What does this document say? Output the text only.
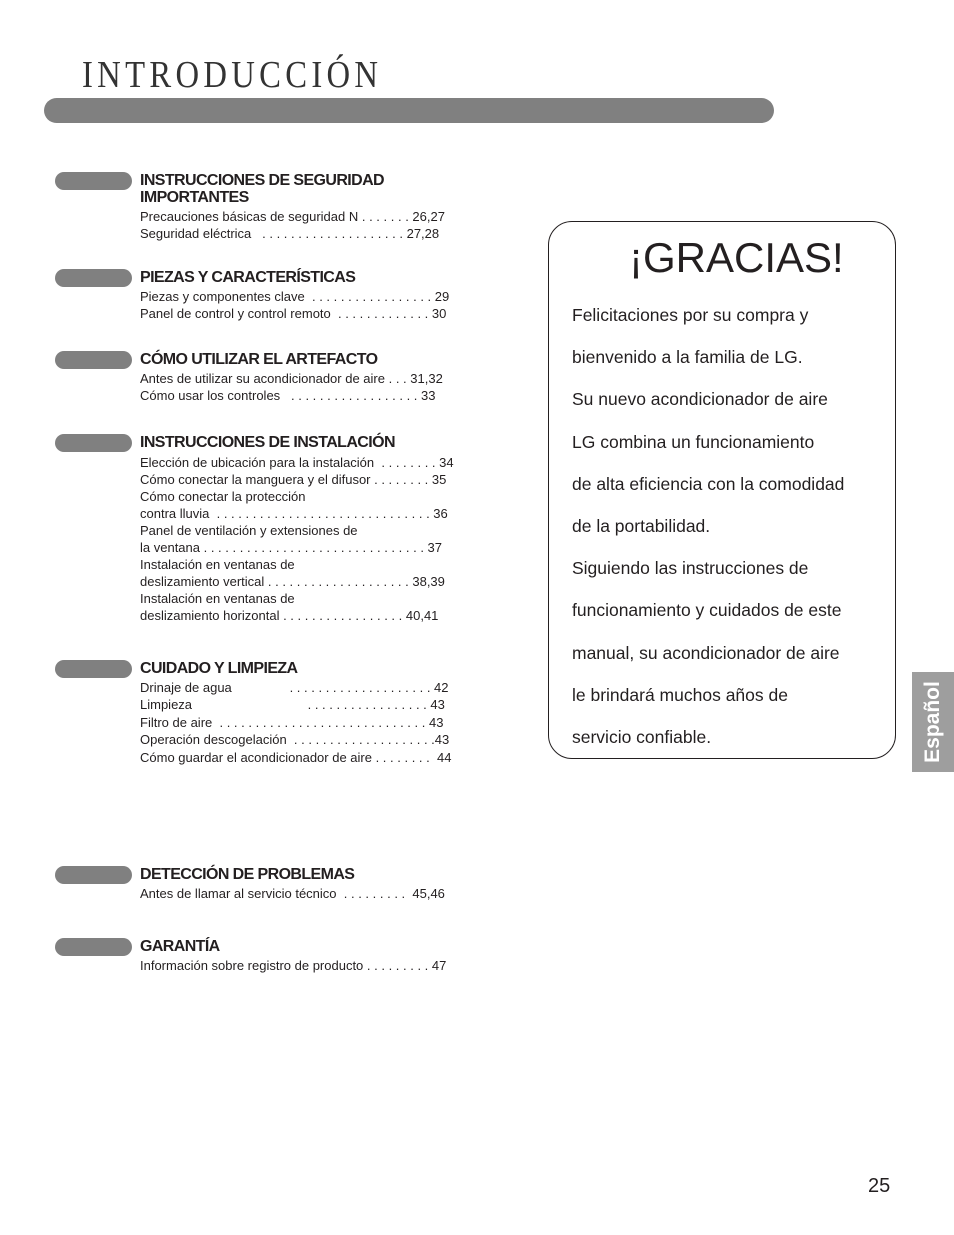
INTRODUCCIÓN
INSTRUCCIONES DE SEGURIDAD IMPORTANTES
Precauciones básicas de seguridad N . . . . . . . 26,27
Seguridad eléctrica   . . . . . . . . . . . . . . . . . . . . 27,28
PIEZAS Y CARACTERÍSTICAS
Piezas y componentes clave  . . . . . . . . . . . . . . . . . 29
Panel de control y control remoto  . . . . . . . . . . . . . 30
CÓMO UTILIZAR EL ARTEFACTO
Antes de utilizar su acondicionador de aire . . . 31,32
Cómo usar los controles   . . . . . . . . . . . . . . . . . . 33
INSTRUCCIONES DE INSTALACIÓN
Elección de ubicación para la instalación  . . . . . . . . 34
Cómo conectar la manguera y el difusor . . . . . . . . 35
Cómo conectar la protección
contra lluvia  . . . . . . . . . . . . . . . . . . . . . . . . . . . . . . 36
Panel de ventilación y extensiones de
la ventana . . . . . . . . . . . . . . . . . . . . . . . . . . . . . . . 37
Instalación en ventanas de
deslizamiento vertical . . . . . . . . . . . . . . . . . . . . 38,39
Instalación en ventanas de
deslizamiento horizontal . . . . . . . . . . . . . . . . . 40,41
CUIDADO Y LIMPIEZA
Drinaje de agua                . . . . . . . . . . . . . . . . . . . . 42
Limpieza                                . . . . . . . . . . . . . . . . . 43
Filtro de aire  . . . . . . . . . . . . . . . . . . . . . . . . . . . . . 43
Operación descogelación  . . . . . . . . . . . . . . . . . . . .43
Cómo guardar el acondicionador de aire . . . . . . . .  44
DETECCIÓN DE PROBLEMAS
Antes de llamar al servicio técnico  . . . . . . . . .  45,46
GARANTÍA
Información sobre registro de producto . . . . . . . . . 47
¡GRACIAS!
Felicitaciones por su compra y
bienvenido a la familia de LG.
Su nuevo acondicionador de aire
LG combina un funcionamiento
de alta eficiencia con la comodidad
de la portabilidad.
Siguiendo las instrucciones de
funcionamiento y cuidados de este
manual, su acondicionador de aire
le brindará muchos años de
servicio confiable.	Español
25
